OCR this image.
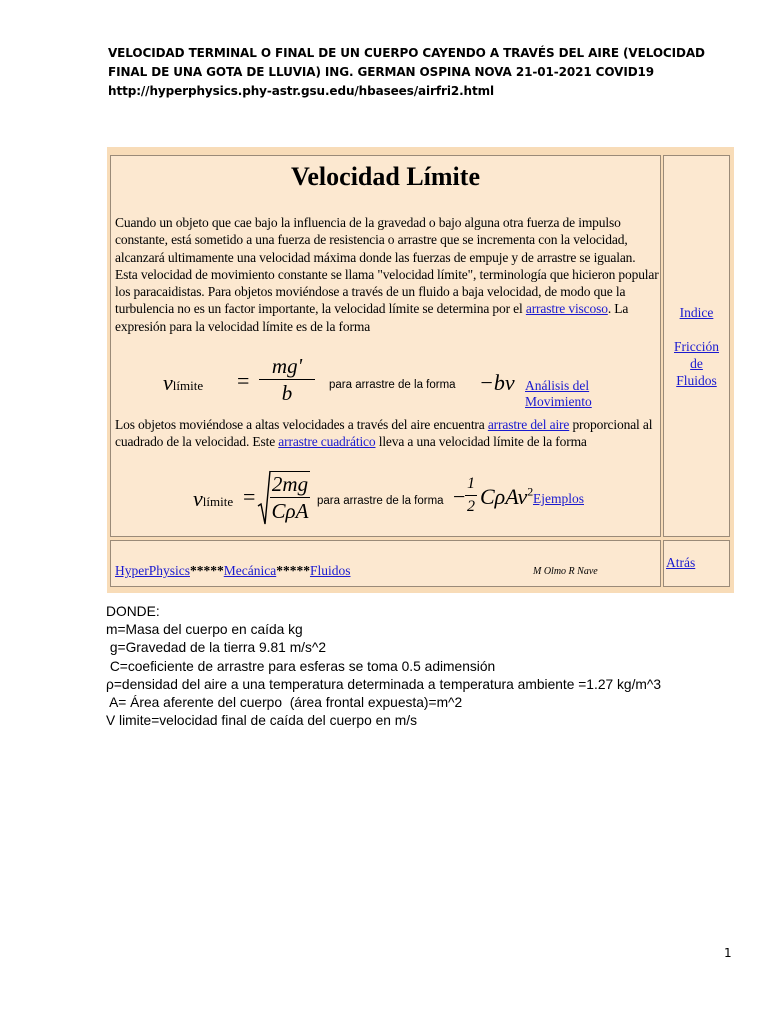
VELOCIDAD TERMINAL O FINAL DE UN CUERPO CAYENDO A TRAVÉS DEL AIRE (VELOCIDAD FINAL DE UNA GOTA DE LLUVIA) ING. GERMAN OSPINA NOVA 21-01-2021 COVID19
http://hyperphysics.phy-astr.gsu.edu/hbasees/airfri2.html
Velocidad Límite

Cuando un objeto que cae bajo la influencia de la gravedad o bajo alguna otra fuerza de impulso constante, está sometido a una fuerza de resistencia o arrastre que se incrementa con la velocidad, alcanzará ultimamente una velocidad máxima donde las fuerzas de empuje y de arrastre se igualan. Esta velocidad de movimiento constante se llama "velocidad límite", terminología que hicieron popular los paracaidistas. Para objetos moviéndose a través de un fluido a baja velocidad, de modo que la turbulencia no es un factor importante, la velocidad límite se determina por el arrastre viscoso. La expresión para la velocidad límite es de la forma

vlímite =
mg'
b	para arrastre de la forma −bv Análisis del Movimiento

Los objetos moviéndose a altas velocidades a través del aire encuentra arrastre del aire proporcional al cuadrado de la velocidad. Este arrastre cuadrático lleva a una velocidad límite de la forma

vlímite = 2mg
CρA para arrastre de la forma −
1
2 CρAv$^2$ Ejemplos
Indice
Fricción
de
Fluidos
HyperPhysics*****Mecánica*****Fluidos	M Olmo R Nave
Atrás
DONDE:
m=Masa del cuerpo en caída kg
g=Gravedad de la tierra 9.81 m/s^2
C=coeficiente de arrastre para esferas se toma 0.5 adimensión
ρ=densidad del aire a una temperatura determinada a temperatura ambiente =1.27 kg/m^3
A= Área aferente del cuerpo  (área frontal expuesta)=m^2
V limite=velocidad final de caída del cuerpo en m/s
1
